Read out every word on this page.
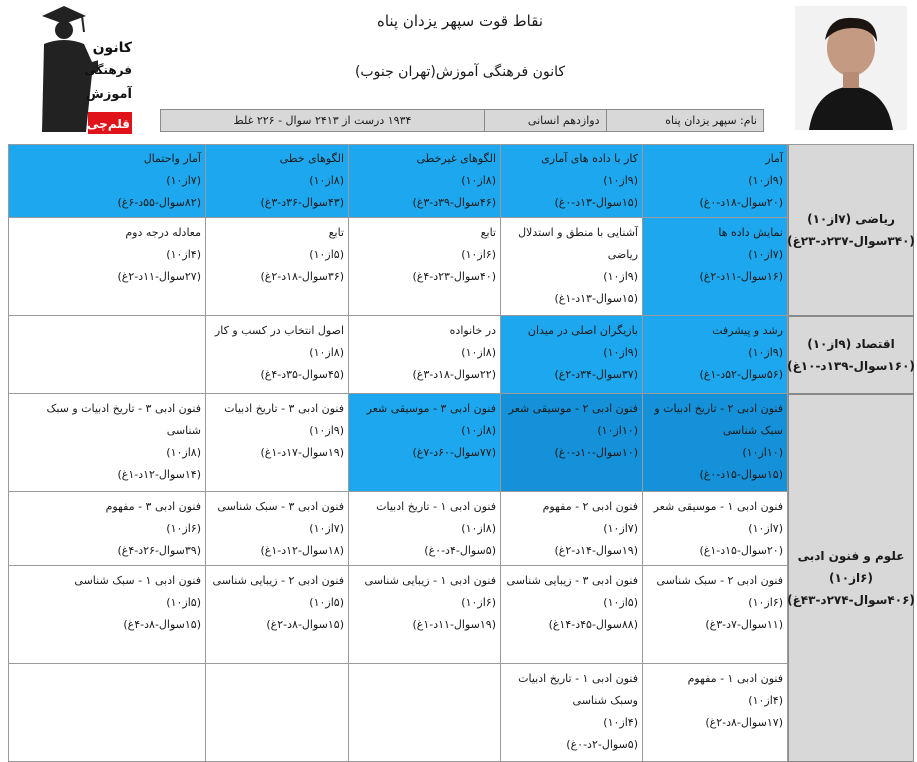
کانون
فرهنگی
آموزش
قلم‌چی
نقاط قوت سپهر یزدان پناه
کانون فرهنگی آموزش(تهران جنوب)
نام: سپهر یزدان پناه
دوازدهم انسانی
۱۹۳۴ درست از ۲۴۱۳ سوال - ۲۲۶ غلط
آمار
(۹از۱۰)
(۲۰سوال-۱۸د-۰غ)
کار با داده های آماری
(۹از۱۰)
(۱۵سوال-۱۳د-۰غ)
الگوهای غیرخطی
(۸از۱۰)
(۴۶سوال-۳۹د-۳غ)
الگوهای خطی
(۸از۱۰)
(۴۳سوال-۳۶د-۳غ)
آمار واحتمال
(۷از۱۰)
(۸۲سوال-۵۵د-۶غ)
نمایش داده ها
(۷از۱۰)
(۱۶سوال-۱۱د-۲غ)
آشنایی با منطق و استدلال ریاضی
(۹از۱۰)
(۱۵سوال-۱۳د-۱غ)
تابع
(۶از۱۰)
(۴۰سوال-۲۳د-۴غ)
تابع
(۵از۱۰)
(۳۶سوال-۱۸د-۲غ)
معادله درجه دوم
(۴از۱۰)
(۲۷سوال-۱۱د-۲غ)
رشد و پیشرفت
(۹از۱۰)
(۵۶سوال-۵۲د-۱غ)
بازیگران اصلی در میدان
(۹از۱۰)
(۳۷سوال-۳۴د-۲غ)
در خانواده
(۸از۱۰)
(۲۲سوال-۱۸د-۳غ)
اصول انتخاب در کسب و کار
(۸از۱۰)
(۴۵سوال-۳۵د-۴غ)
فنون ادبی ۲ - تاریخ ادبیات و سبک شناسی
(۱۰از۱۰)
(۱۵سوال-۱۵د-۰غ)
فنون ادبی ۲ - موسیقی شعر
(۱۰از۱۰)
(۱۰سوال-۱۰د-۰غ)
فنون ادبی ۳ - موسیقی شعر
(۸از۱۰)
(۷۷سوال-۶۰د-۷غ)
فنون ادبی ۳ - تاریخ ادبیات
(۹از۱۰)
(۱۹سوال-۱۷د-۱غ)
فنون ادبی ۳ - تاریخ ادبیات و سبک شناسی
(۸از۱۰)
(۱۴سوال-۱۲د-۱غ)
فنون ادبی ۱ - موسیقی شعر
(۷از۱۰)
(۲۰سوال-۱۵د-۱غ)
فنون ادبی ۲ - مفهوم
(۷از۱۰)
(۱۹سوال-۱۴د-۲غ)
فنون ادبی ۱ - تاریخ ادبیات
(۸از۱۰)
(۵سوال-۴د-۰غ)
فنون ادبی ۳ - سبک شناسی
(۷از۱۰)
(۱۸سوال-۱۲د-۱غ)
فنون ادبی ۳ - مفهوم
(۶از۱۰)
(۳۹سوال-۲۶د-۴غ)
فنون ادبی ۲ - سبک شناسی
(۶از۱۰)
(۱۱سوال-۷د-۳غ)
فنون ادبی ۳ - زیبایی شناسی
(۵از۱۰)
(۸۸سوال-۴۵د-۱۴غ)
فنون ادبی ۱ - زیبایی شناسی
(۶از۱۰)
(۱۹سوال-۱۱د-۱غ)
فنون ادبی ۲ - زیبایی شناسی
(۵از۱۰)
(۱۵سوال-۸د-۲غ)
فنون ادبی ۱ - سبک شناسی
(۵از۱۰)
(۱۵سوال-۸د-۴غ)
فنون ادبی ۱ - مفهوم
(۴از۱۰)
(۱۷سوال-۸د-۲غ)
فنون ادبی ۱ - تاریخ ادبیات وسبک شناسی
(۴از۱۰)
(۵سوال-۲د-۰غ)
ریاضی (۷از۱۰) (۳۴۰سوال-۲۳۷د-۲۳غ)
اقتصاد (۹از۱۰) (۱۶۰سوال-۱۳۹د-۱۰غ)
علوم و فنون ادبی (۶از۱۰) (۴۰۶سوال-۲۷۴د-۴۳غ)
